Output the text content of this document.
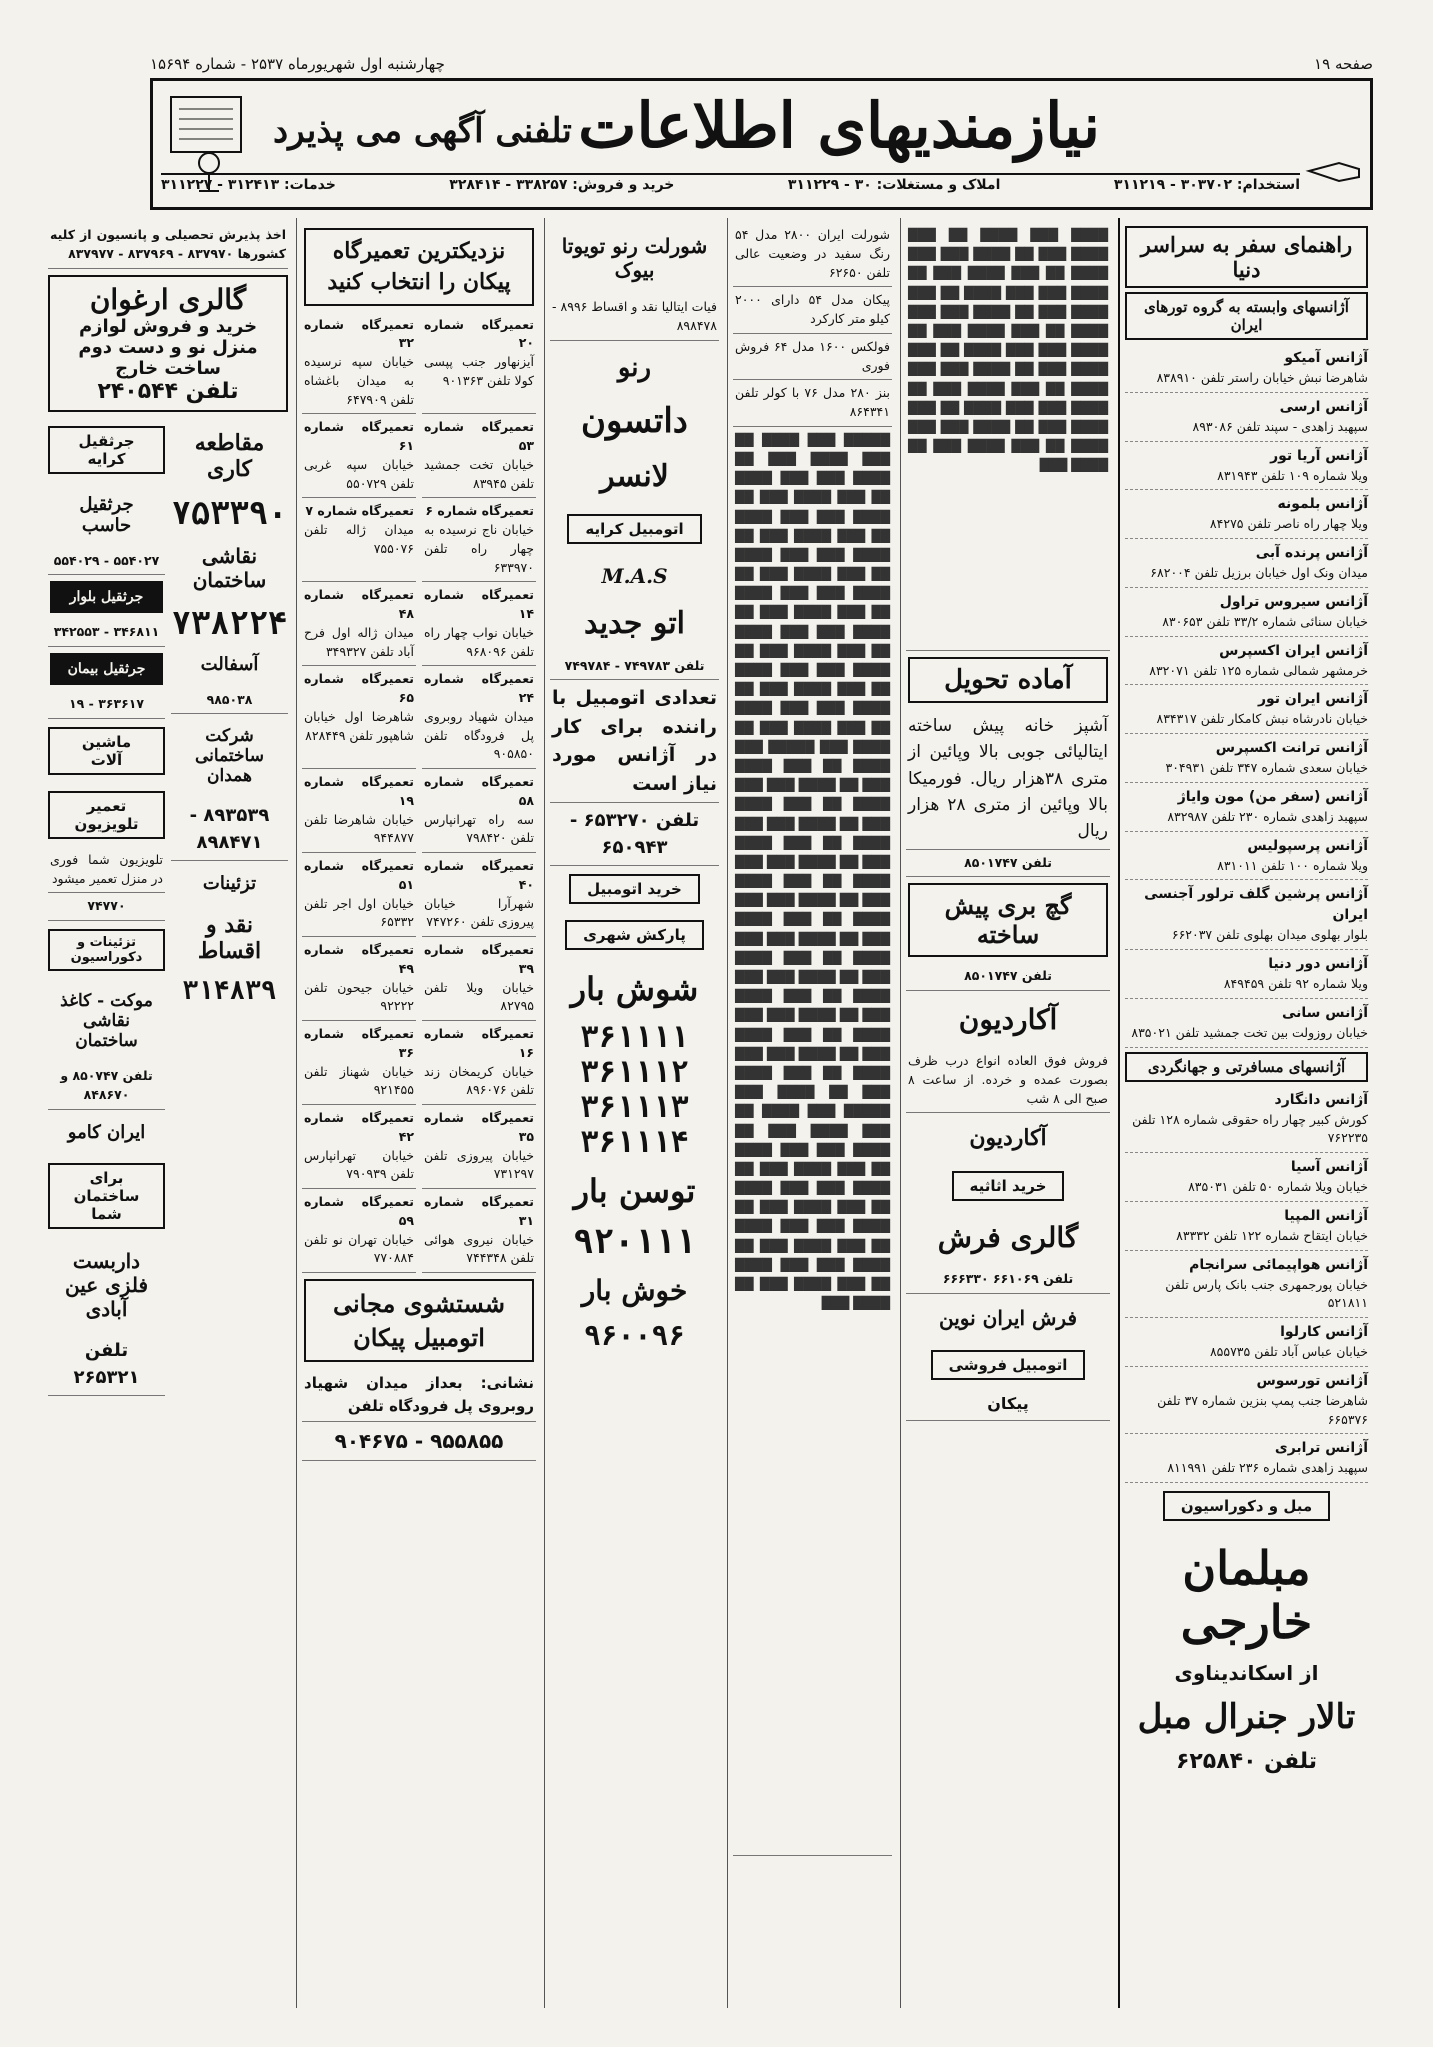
صفحه ۱۹
چهارشنبه اول شهریورماه ۲۵۳۷ - شماره ۱۵۶۹۴
نیازمندیهای اطلاعات
تلفنی آگهی می پذیرد
استخدام: ۳۰۳۷۰۲ - ۳۱۱۲۱۹
املاک و مستغلات: ۳۰ - ۳۱۱۲۲۹
خرید و فروش: ۳۳۸۲۵۷ - ۳۲۸۴۱۴
خدمات: ۳۱۲۴۱۳ - ۳۱۱۲۲۷
راهنمای سفر به سراسر دنیا
آژانسهای وابسته به گروه تورهای ایران
آژانس آمیکو
شاهرضا نبش خیابان راستر تلفن ۸۳۸۹۱۰
آژانس ارسی
سپهبد زاهدی - سپند تلفن ۸۹۳۰۸۶
آژانس آریا تور
ویلا شماره ۱۰۹ تلفن ۸۳۱۹۴۳
آژانس بلمونه
ویلا چهار راه ناصر تلفن ۸۴۲۷۵
آژانس پرنده آبی
میدان ونک اول خیابان برزیل تلفن ۶۸۲۰۰۴
آژانس سیروس تراول
خیابان سنائی شماره ۳۳/۲ تلفن ۸۳۰۶۵۳
آژانس ایران اکسپرس
خرمشهر شمالی شماره ۱۲۵ تلفن ۸۳۲۰۷۱
آژانس ایران تور
خیابان نادرشاه نبش کامکار تلفن ۸۳۴۳۱۷
آژانس ترانت اکسپرس
خیابان سعدی شماره ۳۴۷ تلفن ۳۰۴۹۳۱
آژانس (سفر من) مون وایاژ
سپهبد زاهدی شماره ۲۳۰ تلفن ۸۳۲۹۸۷
آژانس پرسپولیس
ویلا شماره ۱۰۰ تلفن ۸۳۱۰۱۱
آژانس پرشین گلف ترلور آجنسی ایران
بلوار بهلوی میدان بهلوی تلفن ۶۶۲۰۳۷
آژانس دور دنیا
ویلا شماره ۹۲ تلفن ۸۴۹۴۵۹
آژانس سانی
خیابان روزولت بین تخت جمشید تلفن ۸۳۵۰۲۱
آژانسهای مسافرتی و جهانگردی
آژانس دانگارد
کورش کبیر چهار راه حقوقی شماره ۱۲۸ تلفن ۷۶۲۲۳۵
آژانس آسیا
خیابان ویلا شماره ۵۰ تلفن ۸۳۵۰۳۱
آژانس المپیا
خیابان ایتقاح شماره ۱۲۲ تلفن ۸۳۳۳۲
آژانس هواپیمائی سرانجام
خیابان پورجمهری جنب بانک پارس تلفن ۵۲۱۸۱۱
آژانس کارلوا
خیابان عباس آباد تلفن ۸۵۵۷۳۵
آژانس تورسوس
شاهرضا جنب پمپ بنزین شماره ۳۷ تلفن ۶۶۵۳۷۶
آژانس ترابری
سپهبد زاهدی شماره ۲۳۶ تلفن ۸۱۱۹۹۱
مبل و دکوراسیون
مبلمان خارجی
از اسکاندیناوی
تالار جنرال مبل
تلفن ۶۲۵۸۴۰
████ ███ ████ ██ ███ ████ ███ ██ ████ ███ ███ ████ ██ ███ ████ ███ ██ ████ ███ ███ ████ ██ ███ ████ ███ ██ ████ ███ ███ ████ ██ ███ ████ ███ ██ ████ ███ ███ ████ ██ ███ ████ ███ ██ ████ ███ ███ ████ ██ ███ ████ ███ ██ ████ ███ ███ ████ ██ ███ ████ ███ ██ ████ ███ ███ ████ ██ ███ ████ ███ ██ ████ ███
آماده تحویل
آشپز خانه پیش ساخته ایتالیائی جوبی بالا وپائین از متری ۳۸هزار ریال. فورمیکا بالا وپائین از متری ۲۸ هزار ریال
تلفن ۸۵۰۱۷۴۷
گچ بری پیش ساخته
تلفن ۸۵۰۱۷۴۷
آکاردیون
فروش فوق العاده انواع درب ظرف بصورت عمده و خرده. از ساعت ۸ صبح الی ۸ شب
آکاردیون
خرید اثاثیه
گالری فرش
تلفن ۶۶۱۰۶۹ ۶۶۶۳۳۰
فرش ایران نوین
اتومبیل فروشی
پیکان
شورلت ایران ۲۸۰۰ مدل ۵۴ رنگ سفید در وضعیت عالی تلفن ۶۲۶۵۰
پیکان مدل ۵۴ دارای ۲۰۰۰ کیلو متر کارکرد
فولکس ۱۶۰۰ مدل ۶۴ فروش فوری
بنز ۲۸۰ مدل ۷۶ با کولر تلفن ۸۶۴۳۴۱
█████ ███ ████ ██ ███ ████ ███ ██ ████ ███ ███ ████ ██ ███ ████ ███ ██ ████ ███ ███ ████ ██ ███ ████ ███ ██ ████ ███ ███ ████ ██ ███ ████ ███ ██ ████ ███ ███ ████ ██ ███ ████ ███ ██ ████ ███ ███ ████ ██ ███ ████ ███ ██ ████ ███ ███ ████ ██ ███ ████ ███ ██ ████ ███ ███ ████ ██ ███ ████ ███ ██ ████ ███ █████ ███ ████ ██ ███ ████ ███ ██ ████ ███ ███ ████ ██ ███ ████ ███ ██ ████ ███ ███ ████ ██ ███ ████ ███ ██ ████ ███ ███ ████ ██ ███ ████ ███ ██ ████ ███ ███ ████ ██ ███ ████ ███ ██ ████ ███ ███ ████ ██ ███ ████ ███ ██ ████ ███ ███ ████ ██ ███ ████ ███ ██ ████ ███ ███ ████ ██ ███ ████ ███ ██ ████ ███ ███ ████ ██ ███ ████ ███ ██ ████ ███ █████ ███ ████ ██ ███ ████ ███ ██ ████ ███ ███ ████ ██ ███ ████ ███ ██ ████ ███ ███ ████ ██ ███ ████ ███ ██ ████ ███ ███ ████ ██ ███ ████ ███ ██ ████ ███ ███ ████ ██ ███ ████ ███ ██ ████ ███
شورلت رنو تویوتا بیوک
فیات ایتالیا نقد و اقساط ۸۹۹۶ - ۸۹۸۴۷۸
رنو
داتسون
لانسر
اتومبیل کرایه
M.A.S
اتو جدید
تلفن ۷۴۹۷۸۳ - ۷۴۹۷۸۴
تعدادی اتومبیل با راننده برای کار در آژانس مورد نیاز است
تلفن ۶۵۳۲۷۰ - ۶۵۰۹۴۳
خرید اتومبیل
پارکش شهری
شوش بار
۳۶۱۱۱۱
۳۶۱۱۱۲
۳۶۱۱۱۳
۳۶۱۱۱۴
توسن بار
۹۲۰۱۱۱
خوش بار
۹۶۰۰۹۶
نزدیکترین تعمیرگاه پیکان را انتخاب کنید
تعمیرگاه شماره ۲۰
آیزنهاور جنب پپسی کولا تلفن ۹۰۱۳۶۳
تعمیرگاه شماره ۳۲
خیابان سپه نرسیده به میدان باغشاه تلفن ۶۴۷۹۰۹
تعمیرگاه شماره ۵۳
خیابان تخت جمشید تلفن ۸۳۹۴۵
تعمیرگاه شماره ۶۱
خیابان سپه غربی تلفن ۵۵۰۷۲۹
تعمیرگاه شماره ۶
خیابان ناج نرسیده به چهار راه تلفن ۶۳۳۹۷۰
تعمیرگاه شماره ۷
میدان ژاله تلفن ۷۵۵۰۷۶
تعمیرگاه شماره ۱۴
خیابان نواب چهار راه تلفن ۹۶۸۰۹۶
تعمیرگاه شماره ۴۸
میدان ژاله اول فرح آباد تلفن ۳۴۹۳۲۷
تعمیرگاه شماره ۲۴
میدان شهیاد روبروی پل فرودگاه تلفن ۹۰۵۸۵۰
تعمیرگاه شماره ۶۵
شاهرضا اول خیابان شاهپور تلفن ۸۲۸۴۴۹
تعمیرگاه شماره ۵۸
سه راه تهرانپارس تلفن ۷۹۸۴۲۰
تعمیرگاه شماره ۱۹
خیابان شاهرضا تلفن ۹۴۴۸۷۷
تعمیرگاه شماره ۴۰
شهرآرا خیابان پیروزی تلفن ۷۴۷۲۶۰
تعمیرگاه شماره ۵۱
خیابان اول اجر تلفن ۶۵۳۳۲
تعمیرگاه شماره ۳۹
خیابان ویلا تلفن ۸۲۷۹۵
تعمیرگاه شماره ۴۹
خیابان جیحون تلفن ۹۲۲۲۲
تعمیرگاه شماره ۱۶
خیابان کریمخان زند تلفن ۸۹۶۰۷۶
تعمیرگاه شماره ۳۶
خیابان شهناز تلفن ۹۲۱۴۵۵
تعمیرگاه شماره ۳۵
خیابان پیروزی تلفن ۷۳۱۲۹۷
تعمیرگاه شماره ۴۲
خیابان تهرانپارس تلفن ۷۹۰۹۳۹
تعمیرگاه شماره ۳۱
خیابان نیروی هوائی تلفن ۷۴۴۳۴۸
تعمیرگاه شماره ۵۹
خیابان تهران نو تلفن ۷۷۰۸۸۴
شستشوی مجانی اتومبیل پیکان
نشانی: بعداز میدان شهیاد روبروی پل فرودگاه تلفن
۹۵۵۸۵۵ - ۹۰۴۶۷۵
اخذ پذیرش تحصیلی و پانسیون از کلیه کشورها ۸۳۷۹۷۰ - ۸۳۷۹۶۹ - ۸۳۷۹۷۷
گالری ارغوان
خرید و فروش لوازم منزل نو و دست دوم ساخت خارج
تلفن ۲۴۰۵۴۴
مقاطعه کاری
۷۵۳۳۹۰
نقاشی ساختمان
۷۳۸۲۲۴
آسفالت
۹۸۵۰۳۸
شرکت ساختمانی همدان
۸۹۳۵۳۹ - ۸۹۸۴۷۱
تزئینات
نقد و اقساط
۳۱۴۸۳۹
جرثقیل کرایه
جرثقیل حاسب
۵۵۴۰۲۷ - ۵۵۴۰۲۹
جرثقیل بلوار
۳۴۶۸۱۱ - ۳۴۲۵۵۳
جرثقیل بیمان
۳۶۳۶۱۷ - ۱۹
ماشین آلات
تعمیر تلویزیون
تلویزیون شما فوری در منزل تعمیر میشود
۷۴۷۷۰
تزئینات و دکوراسیون
موکت - کاغذ نقاشی ساختمان
تلفن ۸۵۰۷۴۷ و ۸۴۸۶۷۰
ایران کامو
برای ساختمان شما
داربست فلزی عین آبادی
تلفن ۲۶۵۳۲۱
